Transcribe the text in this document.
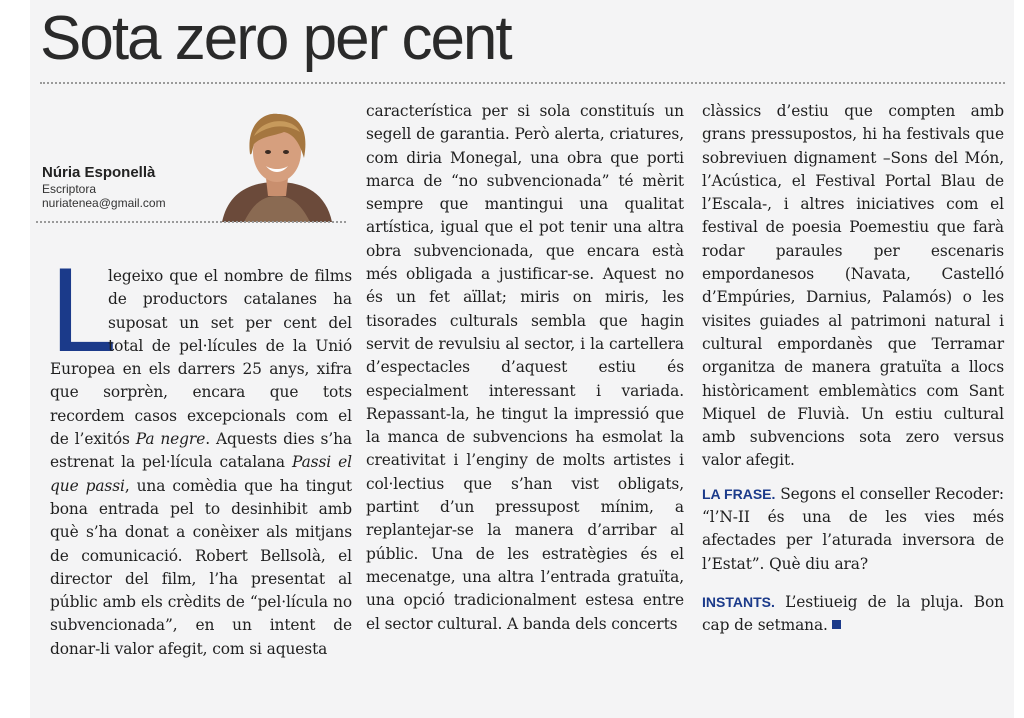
Sota zero per cent
Núria Esponellà
Escriptora
nuriatenea@gmail.com
L
legeixo que el nombre de films de productors catalanes ha suposat un set per cent del total de pel·lícules de la Unió Europea en els darrers 25 anys, xifra que sorprèn, encara que tots recordem casos excepcionals com el de l’exitós Pa negre. Aquests dies s’ha estrenat la pel·lícula catalana Passi el que passi, una comèdia que ha tingut bona entrada pel to desinhibit amb què s’ha donat a conèixer als mitjans de comunicació. Robert Bellsolà, el director del film, l’ha presentat al públic amb els crèdits de “pel·lícula no subvencionada”, en un intent de donar-li valor afegit, com si aquesta

característica per si sola constituís un segell de garantia. Però alerta, criatures, com diria Monegal, una obra que porti marca de “no subvencionada” té mèrit sempre que mantingui una qualitat artística, igual que el pot tenir una altra obra subvencionada, que encara està més obligada a justificar-se. Aquest no és un fet aïllat; miris on miris, les tisorades culturals sembla que hagin servit de revulsiu al sector, i la cartellera d’espectacles d’aquest estiu és especialment interessant i variada. Repassant-la, he tingut la impressió que la manca de subvencions ha esmolat la creativitat i l’enginy de molts artistes i col·lectius que s’han vist obligats, partint d’un pressupost mínim, a replantejar-se la manera d’arribar al públic. Una de les estratègies és el mecenatge, una altra l’entrada gratuïta, una opció tradicionalment estesa entre el sector cultural. A banda dels concerts

clàssics d’estiu que compten amb grans pressupostos, hi ha festivals que sobreviuen dignament –Sons del Món, l’Acústica, el Festival Portal Blau de l’Escala-, i altres iniciatives com el festival de poesia Poemestiu que farà rodar paraules per escenaris empordanesos (Navata, Castelló d’Empúries, Darnius, Palamós) o les visites guiades al patrimoni natural i cultural empordanès que Terramar organitza de manera gratuïta a llocs històricament emblemàtics com Sant Miquel de Fluvià. Un estiu cultural amb subvencions sota zero versus valor afegit.

LA FRASE. Segons el conseller Recoder: “l’N-II és una de les vies més afectades per l’aturada inversora de l’Estat”. Què diu ara?

INSTANTS. L’estiueig de la pluja. Bon cap de setmana.
